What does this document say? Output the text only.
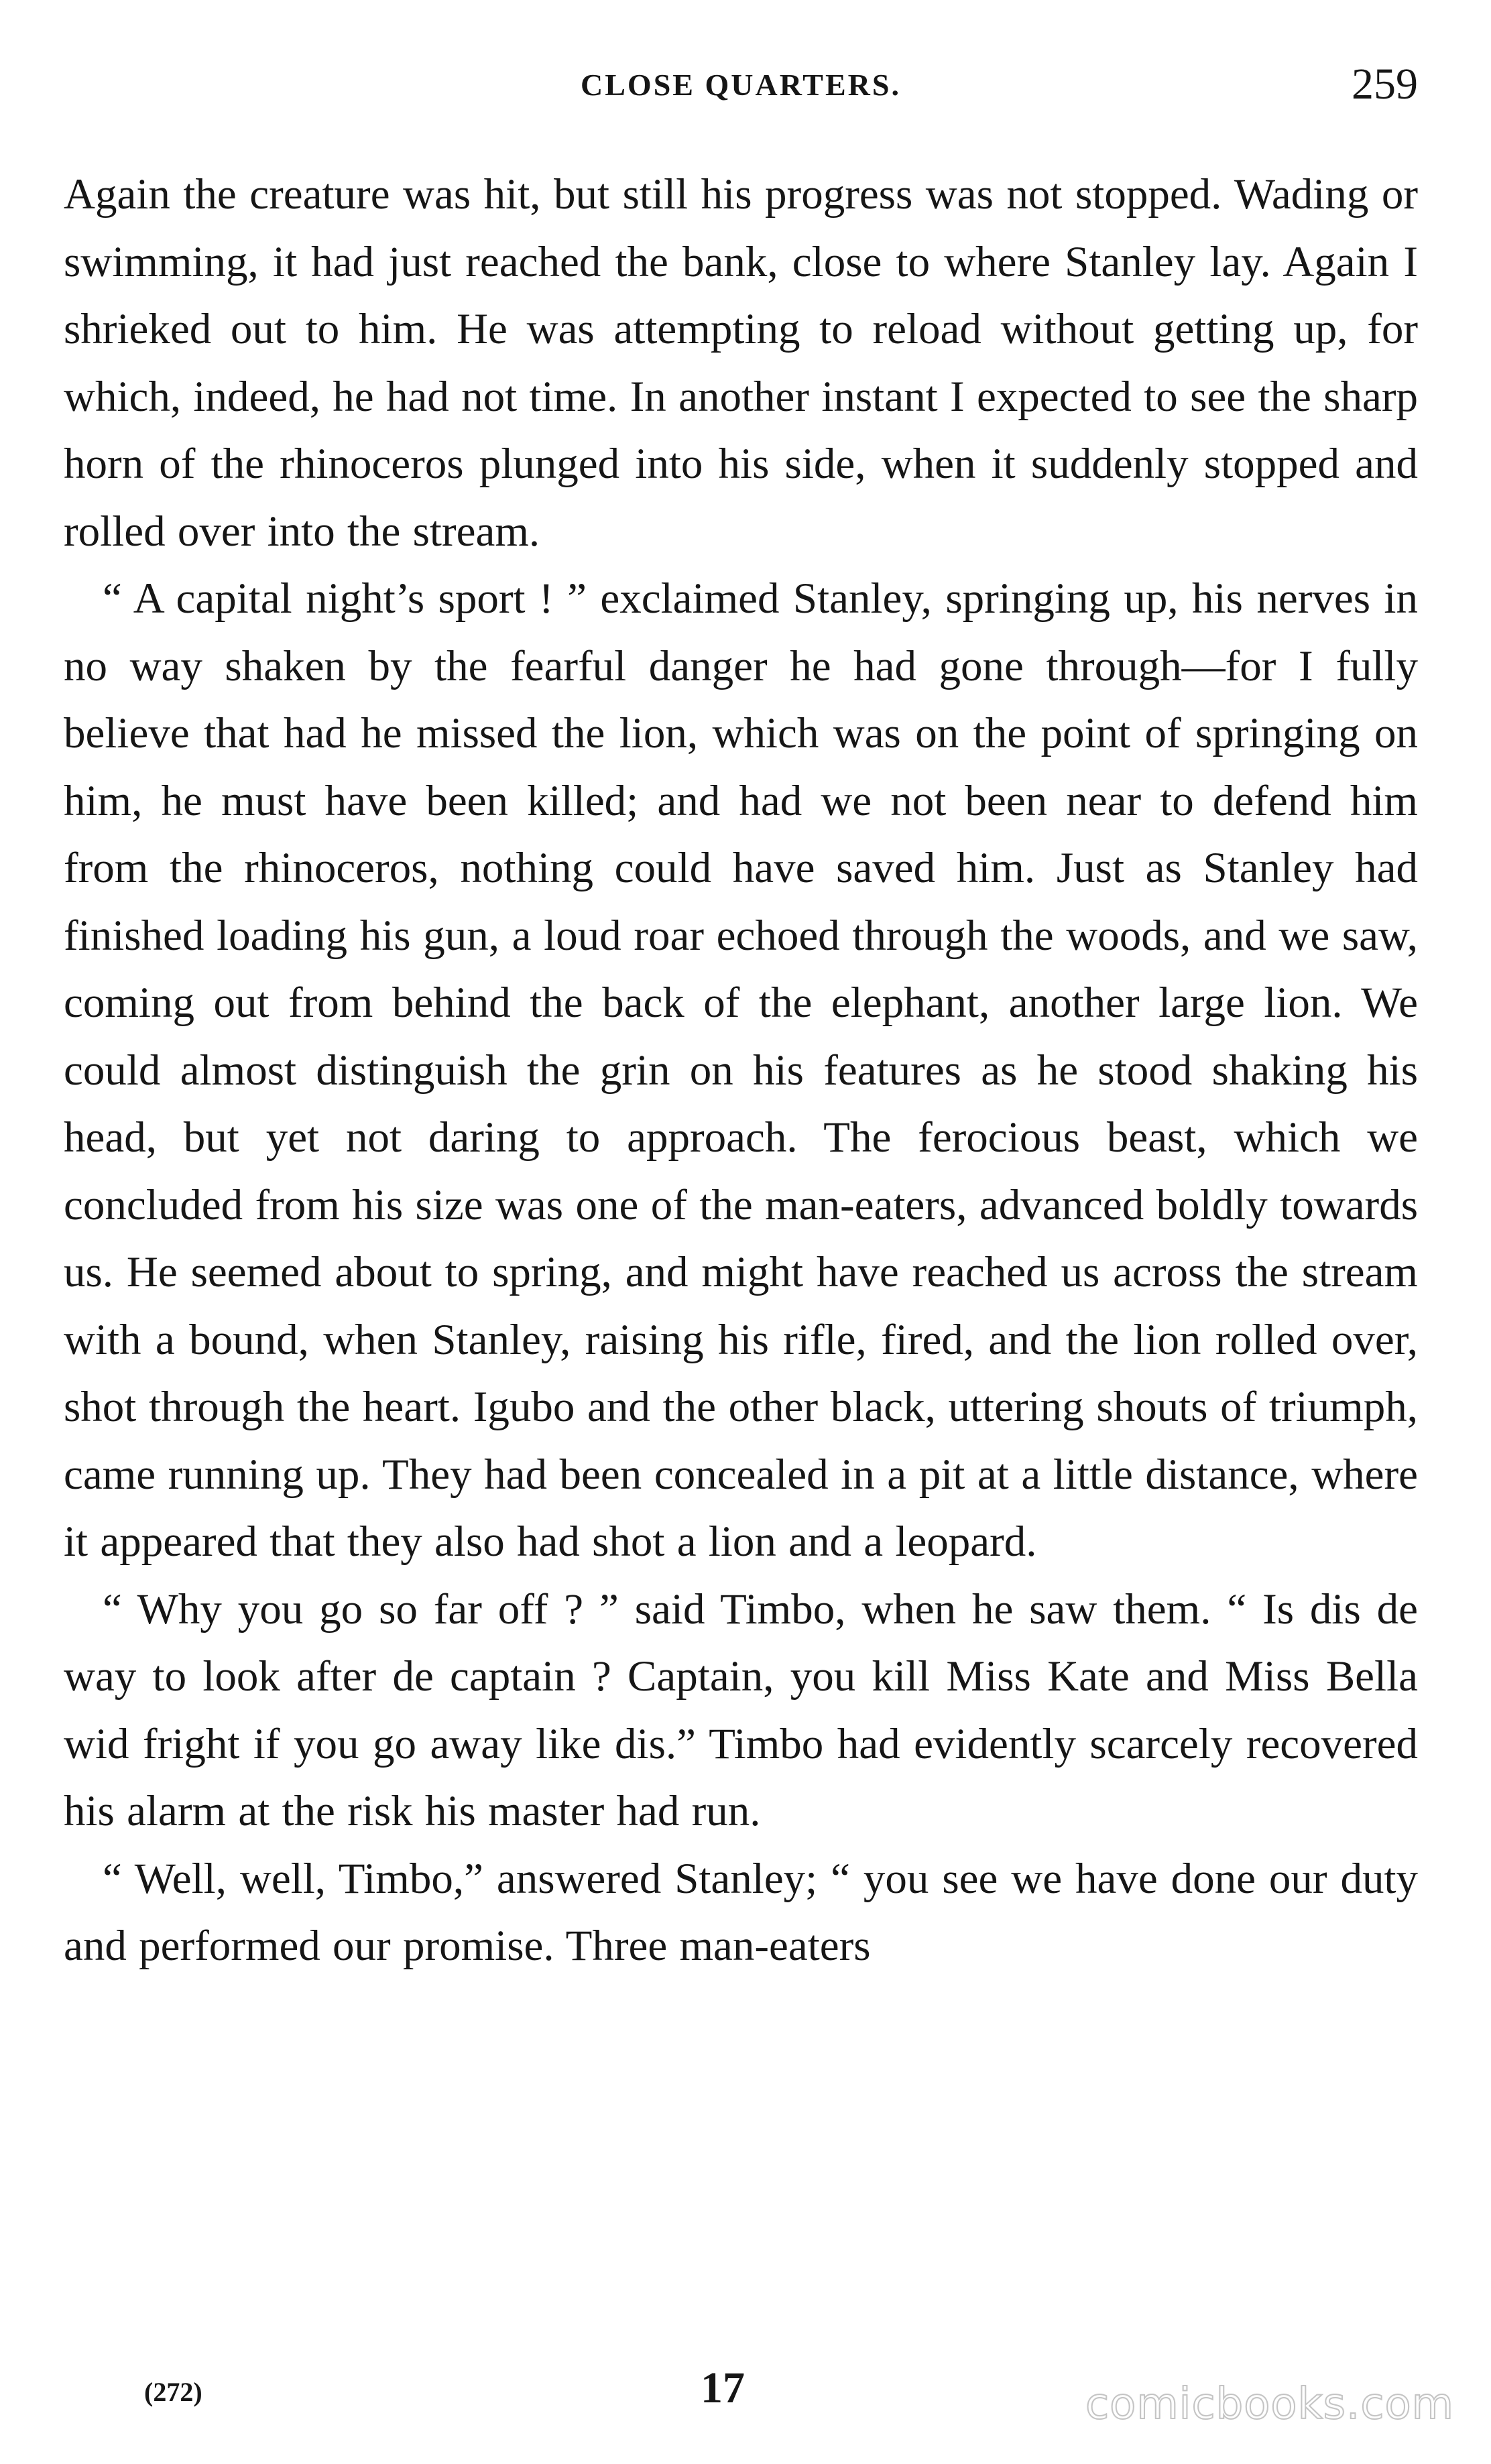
CLOSE QUARTERS.	259

Again the creature was hit, but still his progress was not stopped. Wading or swimming, it had just reached the bank, close to where Stanley lay. Again I shrieked out to him. He was attempting to reload without getting up, for which, indeed, he had not time. In another instant I expected to see the sharp horn of the rhinoceros plunged into his side, when it suddenly stopped and rolled over into the stream.

“ A capital night’s sport ! ” exclaimed Stanley, springing up, his nerves in no way shaken by the fearful danger he had gone through—for I fully believe that had he missed the lion, which was on the point of springing on him, he must have been killed; and had we not been near to defend him from the rhinoceros, nothing could have saved him. Just as Stanley had finished loading his gun, a loud roar echoed through the woods, and we saw, coming out from behind the back of the elephant, another large lion. We could almost distinguish the grin on his features as he stood shaking his head, but yet not daring to approach. The ferocious beast, which we concluded from his size was one of the man-eaters, advanced boldly towards us. He seemed about to spring, and might have reached us across the stream with a bound, when Stanley, raising his rifle, fired, and the lion rolled over, shot through the heart. Igubo and the other black, uttering shouts of triumph, came running up. They had been concealed in a pit at a little distance, where it appeared that they also had shot a lion and a leopard.

“ Why you go so far off ? ” said Timbo, when he saw them. “ Is dis de way to look after de captain ? Captain, you kill Miss Kate and Miss Bella wid fright if you go away like dis.” Timbo had evidently scarcely recovered his alarm at the risk his master had run.

“ Well, well, Timbo,” answered Stanley; “ you see we have done our duty and performed our promise. Three man-eaters

(272)	17	comicbooks.com
